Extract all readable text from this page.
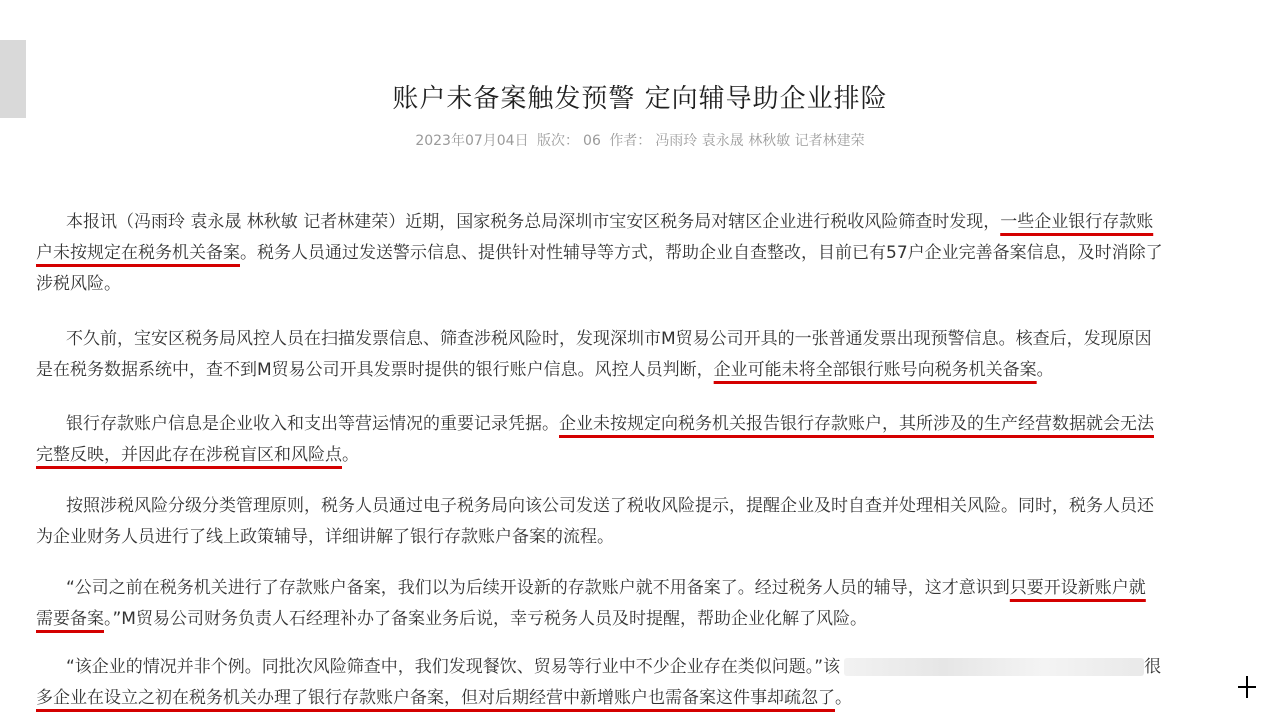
账户未备案触发预警 定向辅导助企业排险
2023年07月04日 版次： 06 作者： 冯雨玲 袁永晟 林秋敏 记者林建荣

本报讯（冯雨玲 袁永晟 林秋敏 记者林建荣）近期，国家税务总局深圳市宝安区税务局对辖区企业进行税收风险筛查时发现，一些企业银行存款账
户未按规定在税务机关备案。税务人员通过发送警示信息、提供针对性辅导等方式，帮助企业自查整改，目前已有57户企业完善备案信息，及时消除了
涉税风险。

不久前，宝安区税务局风控人员在扫描发票信息、筛查涉税风险时，发现深圳市M贸易公司开具的一张普通发票出现预警信息。核查后，发现原因
是在税务数据系统中，查不到M贸易公司开具发票时提供的银行账户信息。风控人员判断，企业可能未将全部银行账号向税务机关备案。

银行存款账户信息是企业收入和支出等营运情况的重要记录凭据。企业未按规定向税务机关报告银行存款账户，其所涉及的生产经营数据就会无法
完整反映，并因此存在涉税盲区和风险点。

按照涉税风险分级分类管理原则，税务人员通过电子税务局向该公司发送了税收风险提示，提醒企业及时自查并处理相关风险。同时，税务人员还
为企业财务人员进行了线上政策辅导，详细讲解了银行存款账户备案的流程。

“公司之前在税务机关进行了存款账户备案，我们以为后续开设新的存款账户就不用备案了。经过税务人员的辅导，这才意识到只要开设新账户就
需要备案。”M贸易公司财务负责人石经理补办了备案业务后说，幸亏税务人员及时提醒，帮助企业化解了风险。

“该企业的情况并非个例。同批次风险筛查中，我们发现餐饮、贸易等行业中不少企业存在类似问题。”该	很
多企业在设立之初在税务机关办理了银行存款账户备案，但对后期经营中新增账户也需备案这件事却疏忽了。
